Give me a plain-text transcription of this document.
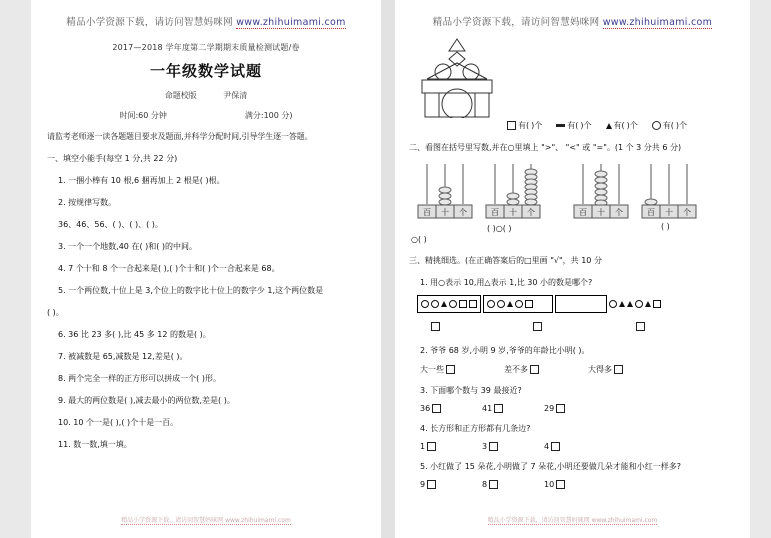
精品小学资源下载，请访问智慧妈咪网 www.zhihuimami.com
2017—2018 学年度第二学期期末质量检测试题/卷
一年级数学试题
命题校版	尹保清
时间:60 分钟	满分:100 分)
请监考老师逐一读各题题目要求及题面,并科学分配时间,引导学生逐一答题。
一、填空小能手(每空 1 分,共 22 分)
1. 一捆小棒有 10 根,6 捆再加上 2 根是( )根。
2. 按规律写数。
36、46、56、( )、( )、( )。
3. 一个一个地数,40 在( )和( )的中间。
4. 7 个十和 8 个一合起来是( ),( )个十和( )个一合起来是 68。
5. 一个两位数,十位上是 3,个位上的数字比十位上的数字少 1,这个两位数是
( )。
6. 36 比 23 多( ),比 45 多 12 的数是( )。
7. 被减数是 65,减数是 12,差是( )。
8. 两个完全一样的正方形可以拼成一个( )形。
9. 最大的两位数是( ),减去最小的两位数,差是( )。
10. 10 个一是( ),( )个十是一百。
11. 数一数,填一填。
精品小学资源下载，请访问智慧妈咪网 www.zhihuimami.com
精品小学资源下载，请访问智慧妈咪网 www.zhihuimami.com
有( )个	有( )个	有( )个	有( )个
二、看图在括号里写数,并在○里填上 ">"、 "<" 或 "="。(1 个 3 分共 6 分)
百 十 个	百 十 个	百 十 个	百 十 个
( )○( )	( )
○( )
三、精挑细选。(在正确答案后的□里画 "√"，共 10 分
1. 用○表示 10,用△表示 1,比 30 小的数是哪个?
2. 爷爷 68 岁,小明 9 岁,爷爷的年龄比小明( )。
大一些	差不多	大得多
3. 下面哪个数与 39 最接近?
36	41	29
4. 长方形和正方形都有几条边?
1	3	4
5. 小红做了 15 朵花,小明做了 7 朵花,小明还要做几朵才能和小红一样多?
9	8	10
精品小学资源下载，请访问智慧妈咪网 www.zhihuimami.com
